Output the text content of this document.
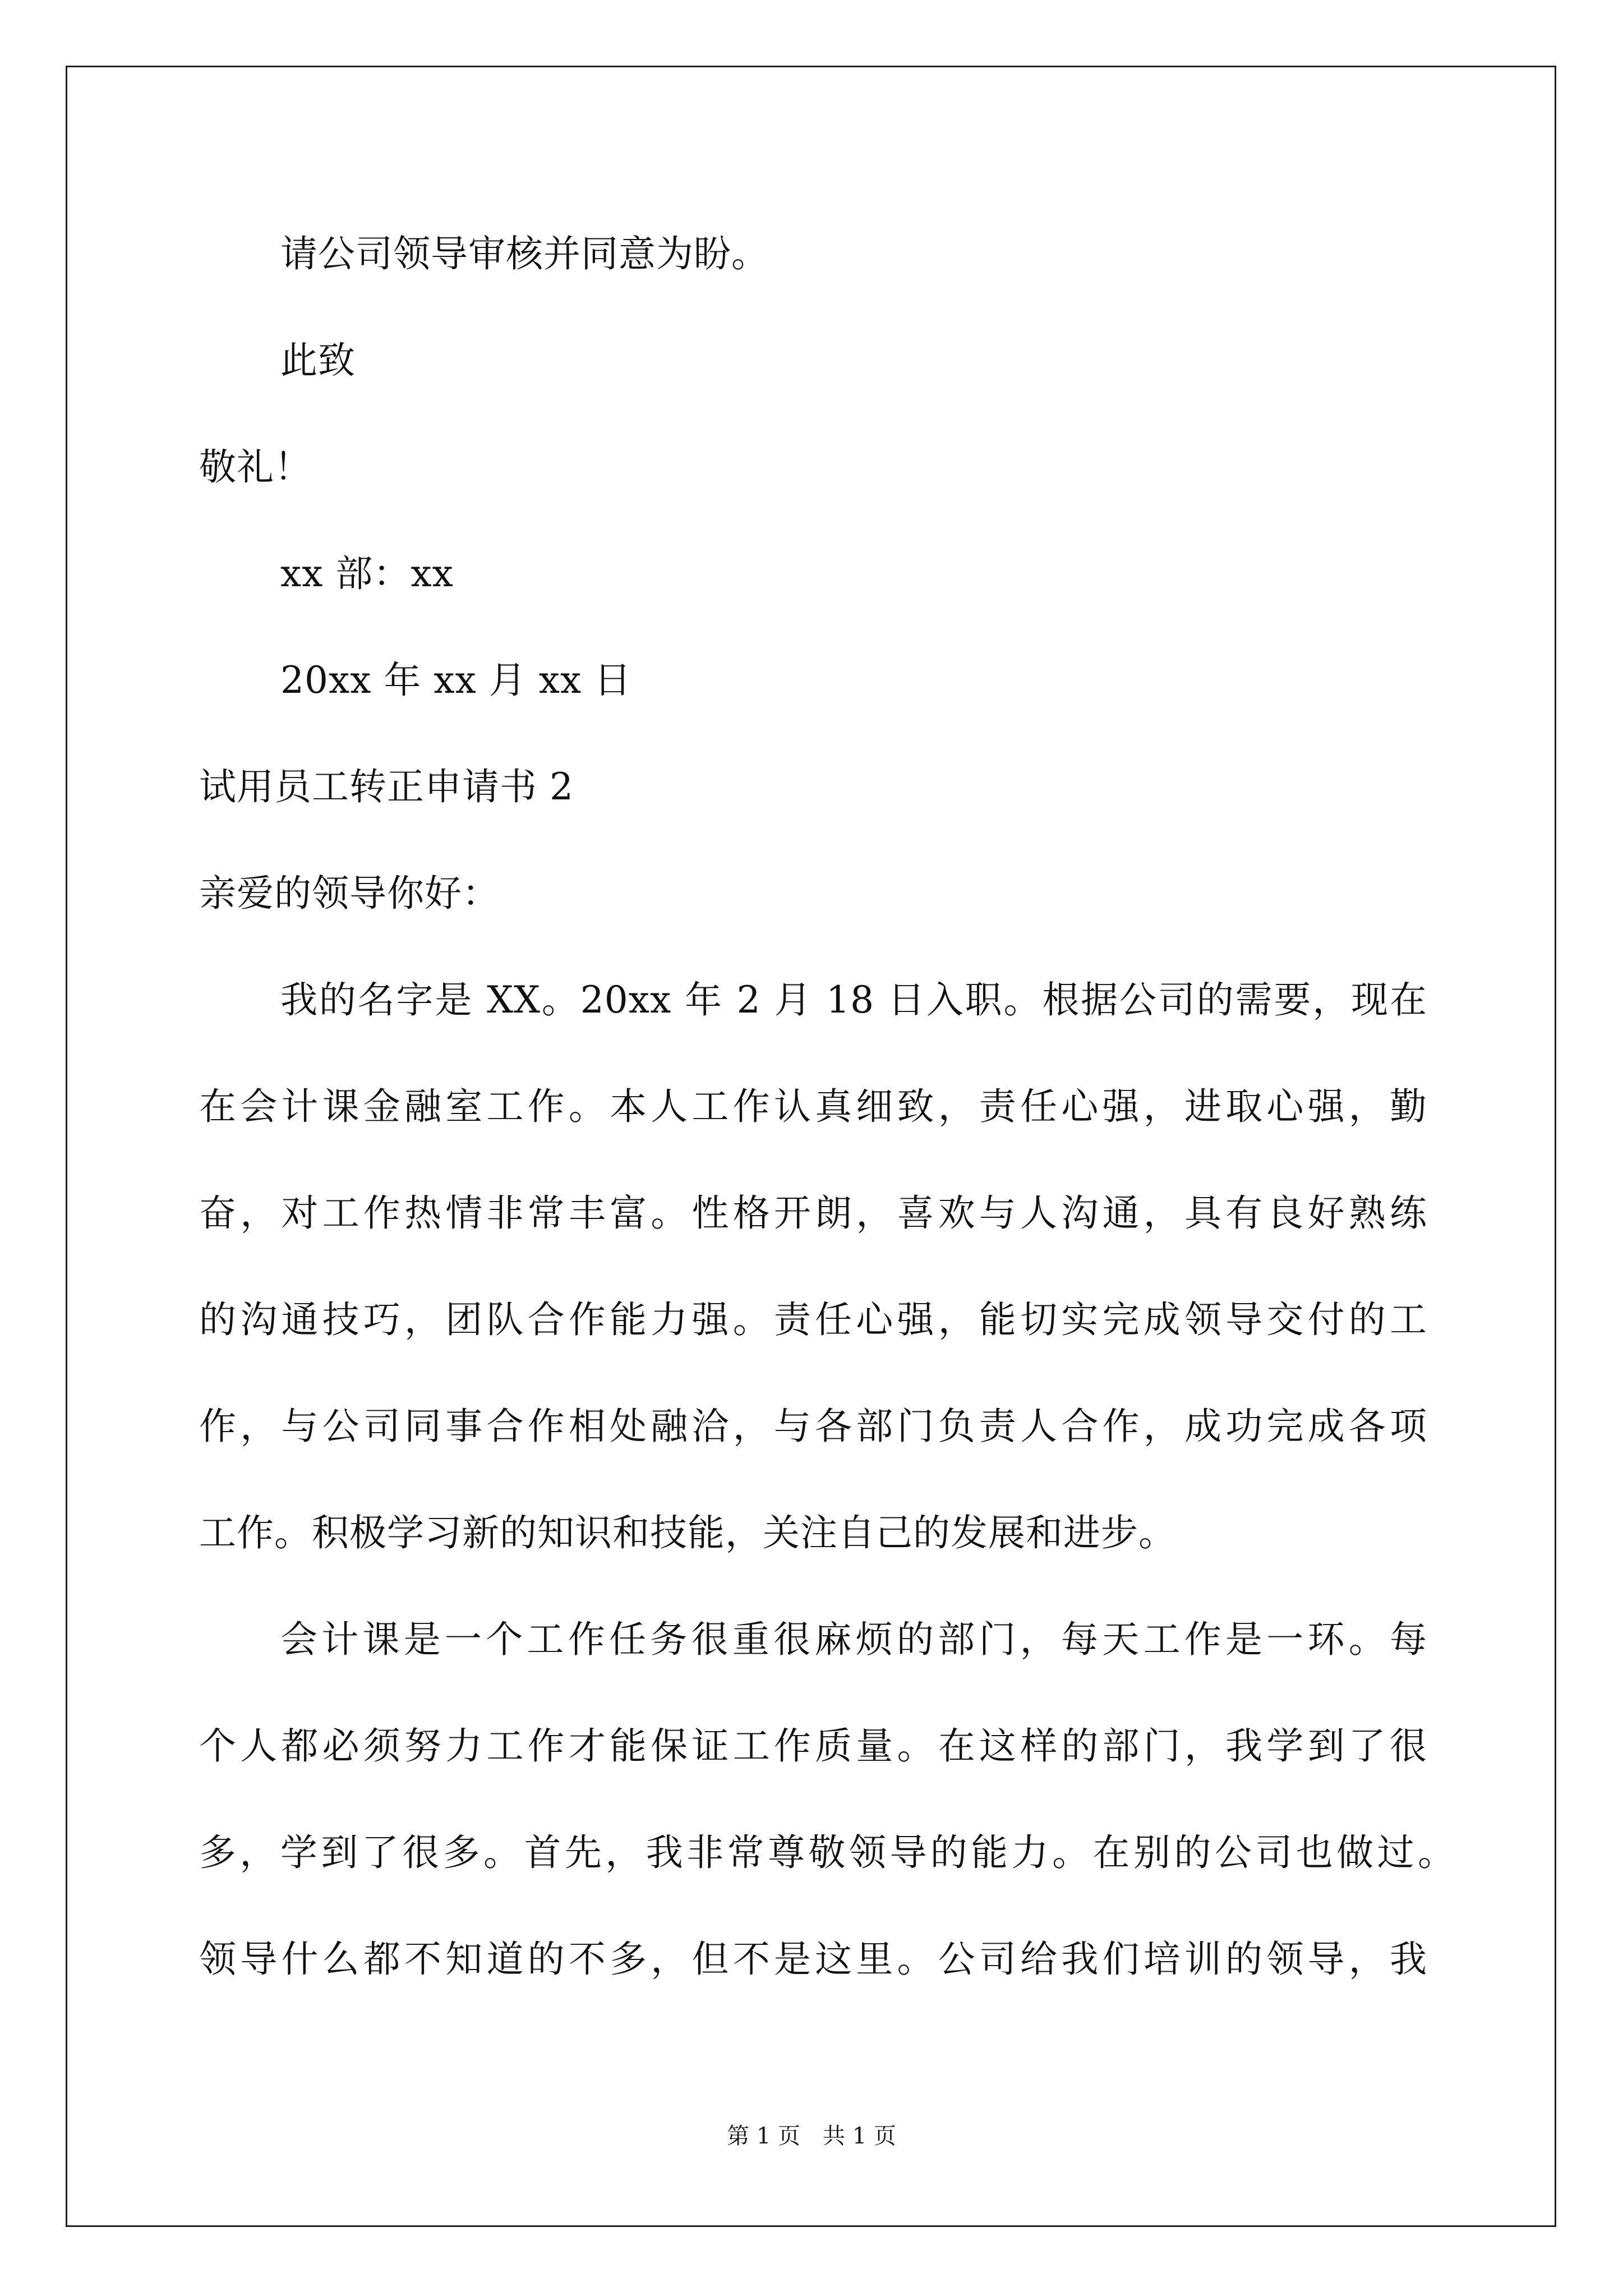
请公司领导审核并同意为盼。

此致

敬礼！

xx 部：xx

20xx 年 xx 月 xx 日

试用员工转正申请书 2

亲爱的领导你好：

我的名字是 XX。20xx 年 2 月 18 日入职。根据公司的需要，现在

在会计课金融室工作。本人工作认真细致，责任心强，进取心强，勤

奋，对工作热情非常丰富。性格开朗，喜欢与人沟通，具有良好熟练

的沟通技巧，团队合作能力强。责任心强，能切实完成领导交付的工

作，与公司同事合作相处融洽，与各部门负责人合作，成功完成各项

工作。积极学习新的知识和技能，关注自己的发展和进步。

会计课是一个工作任务很重很麻烦的部门，每天工作是一环。每

个人都必须努力工作才能保证工作质量。在这样的部门，我学到了很

多，学到了很多。首先，我非常尊敬领导的能力。在别的公司也做过。

领导什么都不知道的不多，但不是这里。公司给我们培训的领导，我

第 1 页　共 1 页
